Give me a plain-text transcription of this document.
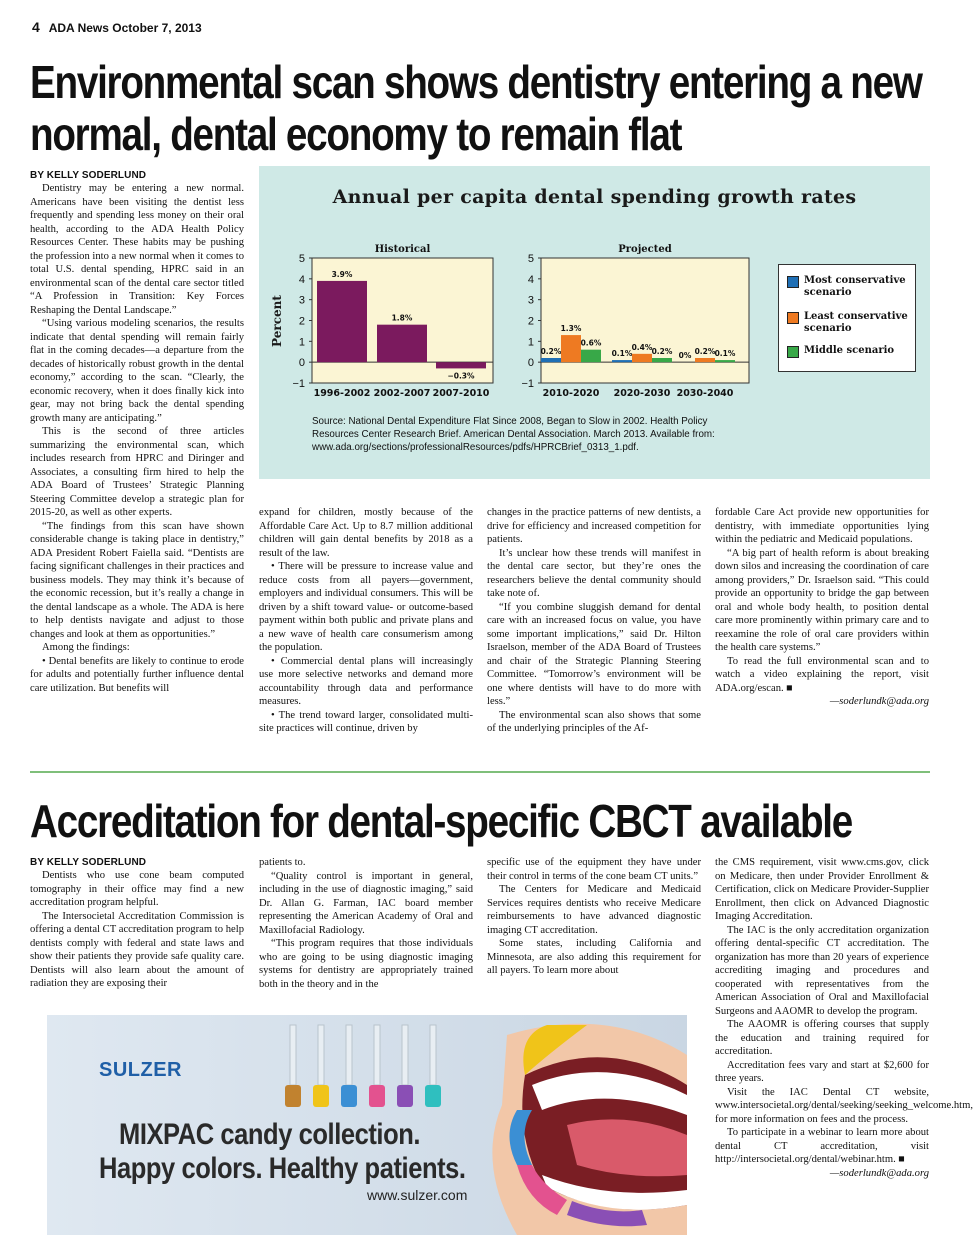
4 ADA News October 7, 2013
Environmental scan shows dentistry entering a new normal, dental economy to remain flat
BY KELLY SODERLUND

Dentistry may be entering a new normal. Americans have been visiting the dentist less frequently and spending less money on their oral health, according to the ADA Health Policy Resources Center. These habits may be pushing the profession into a new normal when it comes to total U.S. dental spending, HPRC said in an environmental scan of the dental care sector titled “A Profession in Transition: Key Forces Reshaping the Dental Landscape.”

“Using various modeling scenarios, the results indicate that dental spending will remain fairly flat in the coming decades—a departure from the decades of historically robust growth in the dental economy,” according to the scan. “Clearly, the economic recovery, when it does finally kick into gear, may not bring back the dental spending growth many are anticipating.”

This is the second of three articles summarizing the environmental scan, which includes research from HPRC and Diringer and Associates, a consulting firm hired to help the ADA Board of Trustees’ Strategic Planning Steering Committee develop a strategic plan for 2015-20, as well as other experts.

“The findings from this scan have shown considerable change is taking place in dentistry,” ADA President Robert Faiella said. “Dentists are facing significant challenges in their practices and business models. They may think it’s because of the economic recession, but it’s really a change in the dental landscape as a whole. The ADA is here to help dentists navigate and adjust to those changes and look at them as opportunities.”

Among the findings:

• Dental benefits are likely to continue to erode for adults and potentially further influence dental care utilization. But benefits will

expand for children, mostly because of the Affordable Care Act. Up to 8.7 million additional children will gain dental benefits by 2018 as a result of the law.

• There will be pressure to increase value and reduce costs from all payers—government, employers and individual consumers. This will be driven by a shift toward value- or outcome-based payment within both public and private plans and a new wave of health care consumerism among the population.

• Commercial dental plans will increasingly use more selective networks and demand more accountability through data and performance measures.

• The trend toward larger, consolidated multi-site practices will continue, driven by

changes in the practice patterns of new dentists, a drive for efficiency and increased competition for patients.

It’s unclear how these trends will manifest in the dental care sector, but they’re ones the researchers believe the dental community should take note of.

“If you combine sluggish demand for dental care with an increased focus on value, you have some important implications,” said Dr. Hilton Israelson, member of the ADA Board of Trustees and chair of the Strategic Planning Steering Committee. “Tomorrow’s environment will be one where dentists will have to do more with less.”

The environmental scan also shows that some of the underlying principles of the Af-

fordable Care Act provide new opportunities for dentistry, with immediate opportunities lying within the pediatric and Medicaid populations.

“A big part of health reform is about breaking down silos and increasing the coordination of care among providers,” Dr. Israelson said. “This could provide an opportunity to bridge the gap between oral and whole body health, to position dental care more prominently within primary care and to reexamine the role of oral care providers within the health care systems.”

To read the full environmental scan and to watch a video explaining the report, visit ADA.org/escan. ■

—soderlundk@ada.org
Annual per capita dental spending growth rates
Percent
5
4
3
2
1
0
−1
Historical
1996-2002 2002-2007 2007-2010
3.9%
1.8%
−0.3%
5
4
3
2
1
0
−1
Projected
2010-2020 2020-2030 2030-2040
0.2%	0.1%	0%
1.3%
0.4%	0.2%
0.6%
0.2%	0.1%
Most conservative scenario
Least conservative scenario
Middle scenario
Source: National Dental Expenditure Flat Since 2008, Began to Slow in 2002. Health Policy Resources Center Research Brief. American Dental Association. March 2013. Available from: www.ada.org/sections/professionalResources/pdfs/HPRCBrief_0313_1.pdf.
Accreditation for dental-specific CBCT available
BY KELLY SODERLUND

Dentists who use cone beam computed tomography in their office may find a new accreditation program helpful.

The Intersocietal Accreditation Commission is offering a dental CT accreditation program to help dentists comply with federal and state laws and show their patients they provide safe quality care. Dentists will also learn about the amount of radiation they are exposing their

patients to.

“Quality control is important in general, including in the use of diagnostic imaging,” said Dr. Allan G. Farman, IAC board member representing the American Academy of Oral and Maxillofacial Radiology.

“This program requires that those individuals who are going to be using diagnostic imaging systems for dentistry are appropriately trained both in the theory and in the

specific use of the equipment they have under their control in terms of the cone beam CT units.”

The Centers for Medicare and Medicaid Services requires dentists who receive Medicare reimbursements to have advanced diagnostic imaging CT accreditation.

Some states, including California and Minnesota, are also adding this requirement for all payers. To learn more about

the CMS requirement, visit www.cms.gov, click on Medicare, then under Provider Enrollment & Certification, click on Medicare Provider-Supplier Enrollment, then click on Advanced Diagnostic Imaging Accreditation.

The IAC is the only accreditation organization offering dental-specific CT accreditation. The organization has more than 20 years of experience accrediting imaging and procedures and cooperated with representatives from the American Association of Oral and Maxillofacial Surgeons and AAOMR to develop the program.

The AAOMR is offering courses that supply the education and training required for accreditation.

Accreditation fees vary and start at $2,600 for three years.

Visit the IAC Dental CT website, www.intersocietal.org/dental/seeking/seeking_welcome.htm, for more information on fees and the process.

To participate in a webinar to learn more about dental CT accreditation, visit http://intersocietal.org/dental/webinar.htm. ■

—soderlundk@ada.org
SULZER
MIXPAC candy collection.
Happy colors. Healthy patients.
www.sulzer.com
